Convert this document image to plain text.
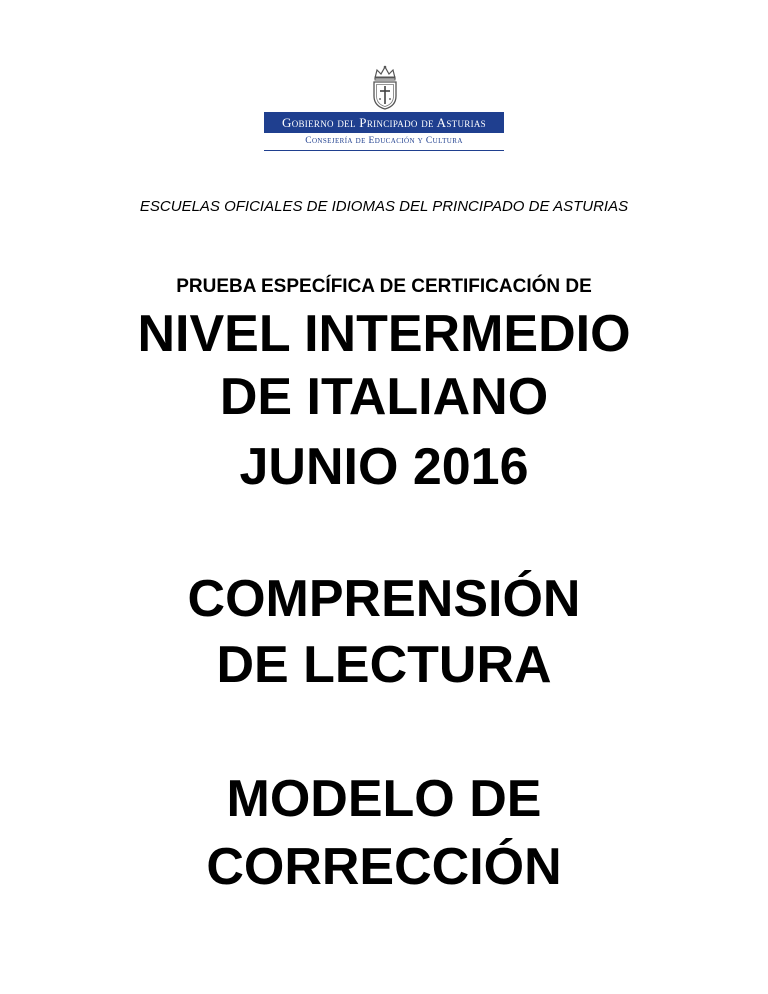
Gobierno del Principado de Asturias
Consejería de Educación y Cultura
ESCUELAS OFICIALES DE IDIOMAS DEL PRINCIPADO DE ASTURIAS
PRUEBA ESPECÍFICA DE CERTIFICACIÓN DE
NIVEL INTERMEDIO
DE ITALIANO
JUNIO 2016
COMPRENSIÓN
DE LECTURA
MODELO DE
CORRECCIÓN
